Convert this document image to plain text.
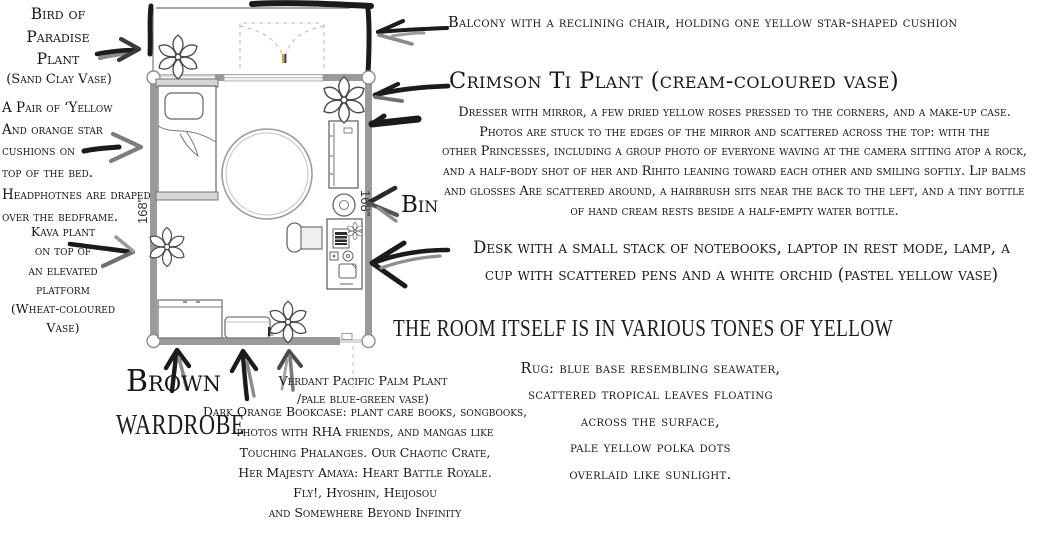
168"	168"
Bird of
Paradise
Plant
(Sand Clay Vase)
A Pair of ‘Yellow
And orange star
cushions on
top of the bed.
Headphotnes are draped
over the bedframe.
Kava plant
on top of
an elevated
platform
(Wheat-coloured
Vase)
Balcony with a reclining chair, holding one yellow star-shaped cushion
Crimson Ti Plant (cream-coloured vase)
Dresser with mirror, a few dried yellow roses pressed to the corners, and a make-up case.
Photos are stuck to the edges of the mirror and scattered across the top: with the
other Princesses, including a group photo of everyone waving at the camera sitting atop a rock,
and a half-body shot of her and Rihito leaning toward each other and smiling softly. Lip balms
and glosses Are scattered around, a hairbrush sits near the back to the left, and a tiny bottle
of hand cream rests beside a half-empty water bottle.
Bin
Desk with a small stack of notebooks, laptop in rest mode, lamp, a
cup with scattered pens and a white orchid (pastel yellow vase)
THE ROOM ITSELF IS IN VARIOUS TONES OF YELLOW
Rug: blue base resembling seawater,
scattered tropical leaves floating
across the surface,
pale yellow polka dots
overlaid like sunlight.
Brown
WARDROBE
Verdant Pacific Palm Plant
/pale blue-green vase)
Dark Orange Bookcase: plant care books, songbooks,
photos with RHA friends, and mangas like
Touching Phalanges. Our Chaotic Crate,
Her Majesty Amaya: Heart Battle Royale.
Fly!, Hyoshin, Heijosou
and Somewhere Beyond Infinity
